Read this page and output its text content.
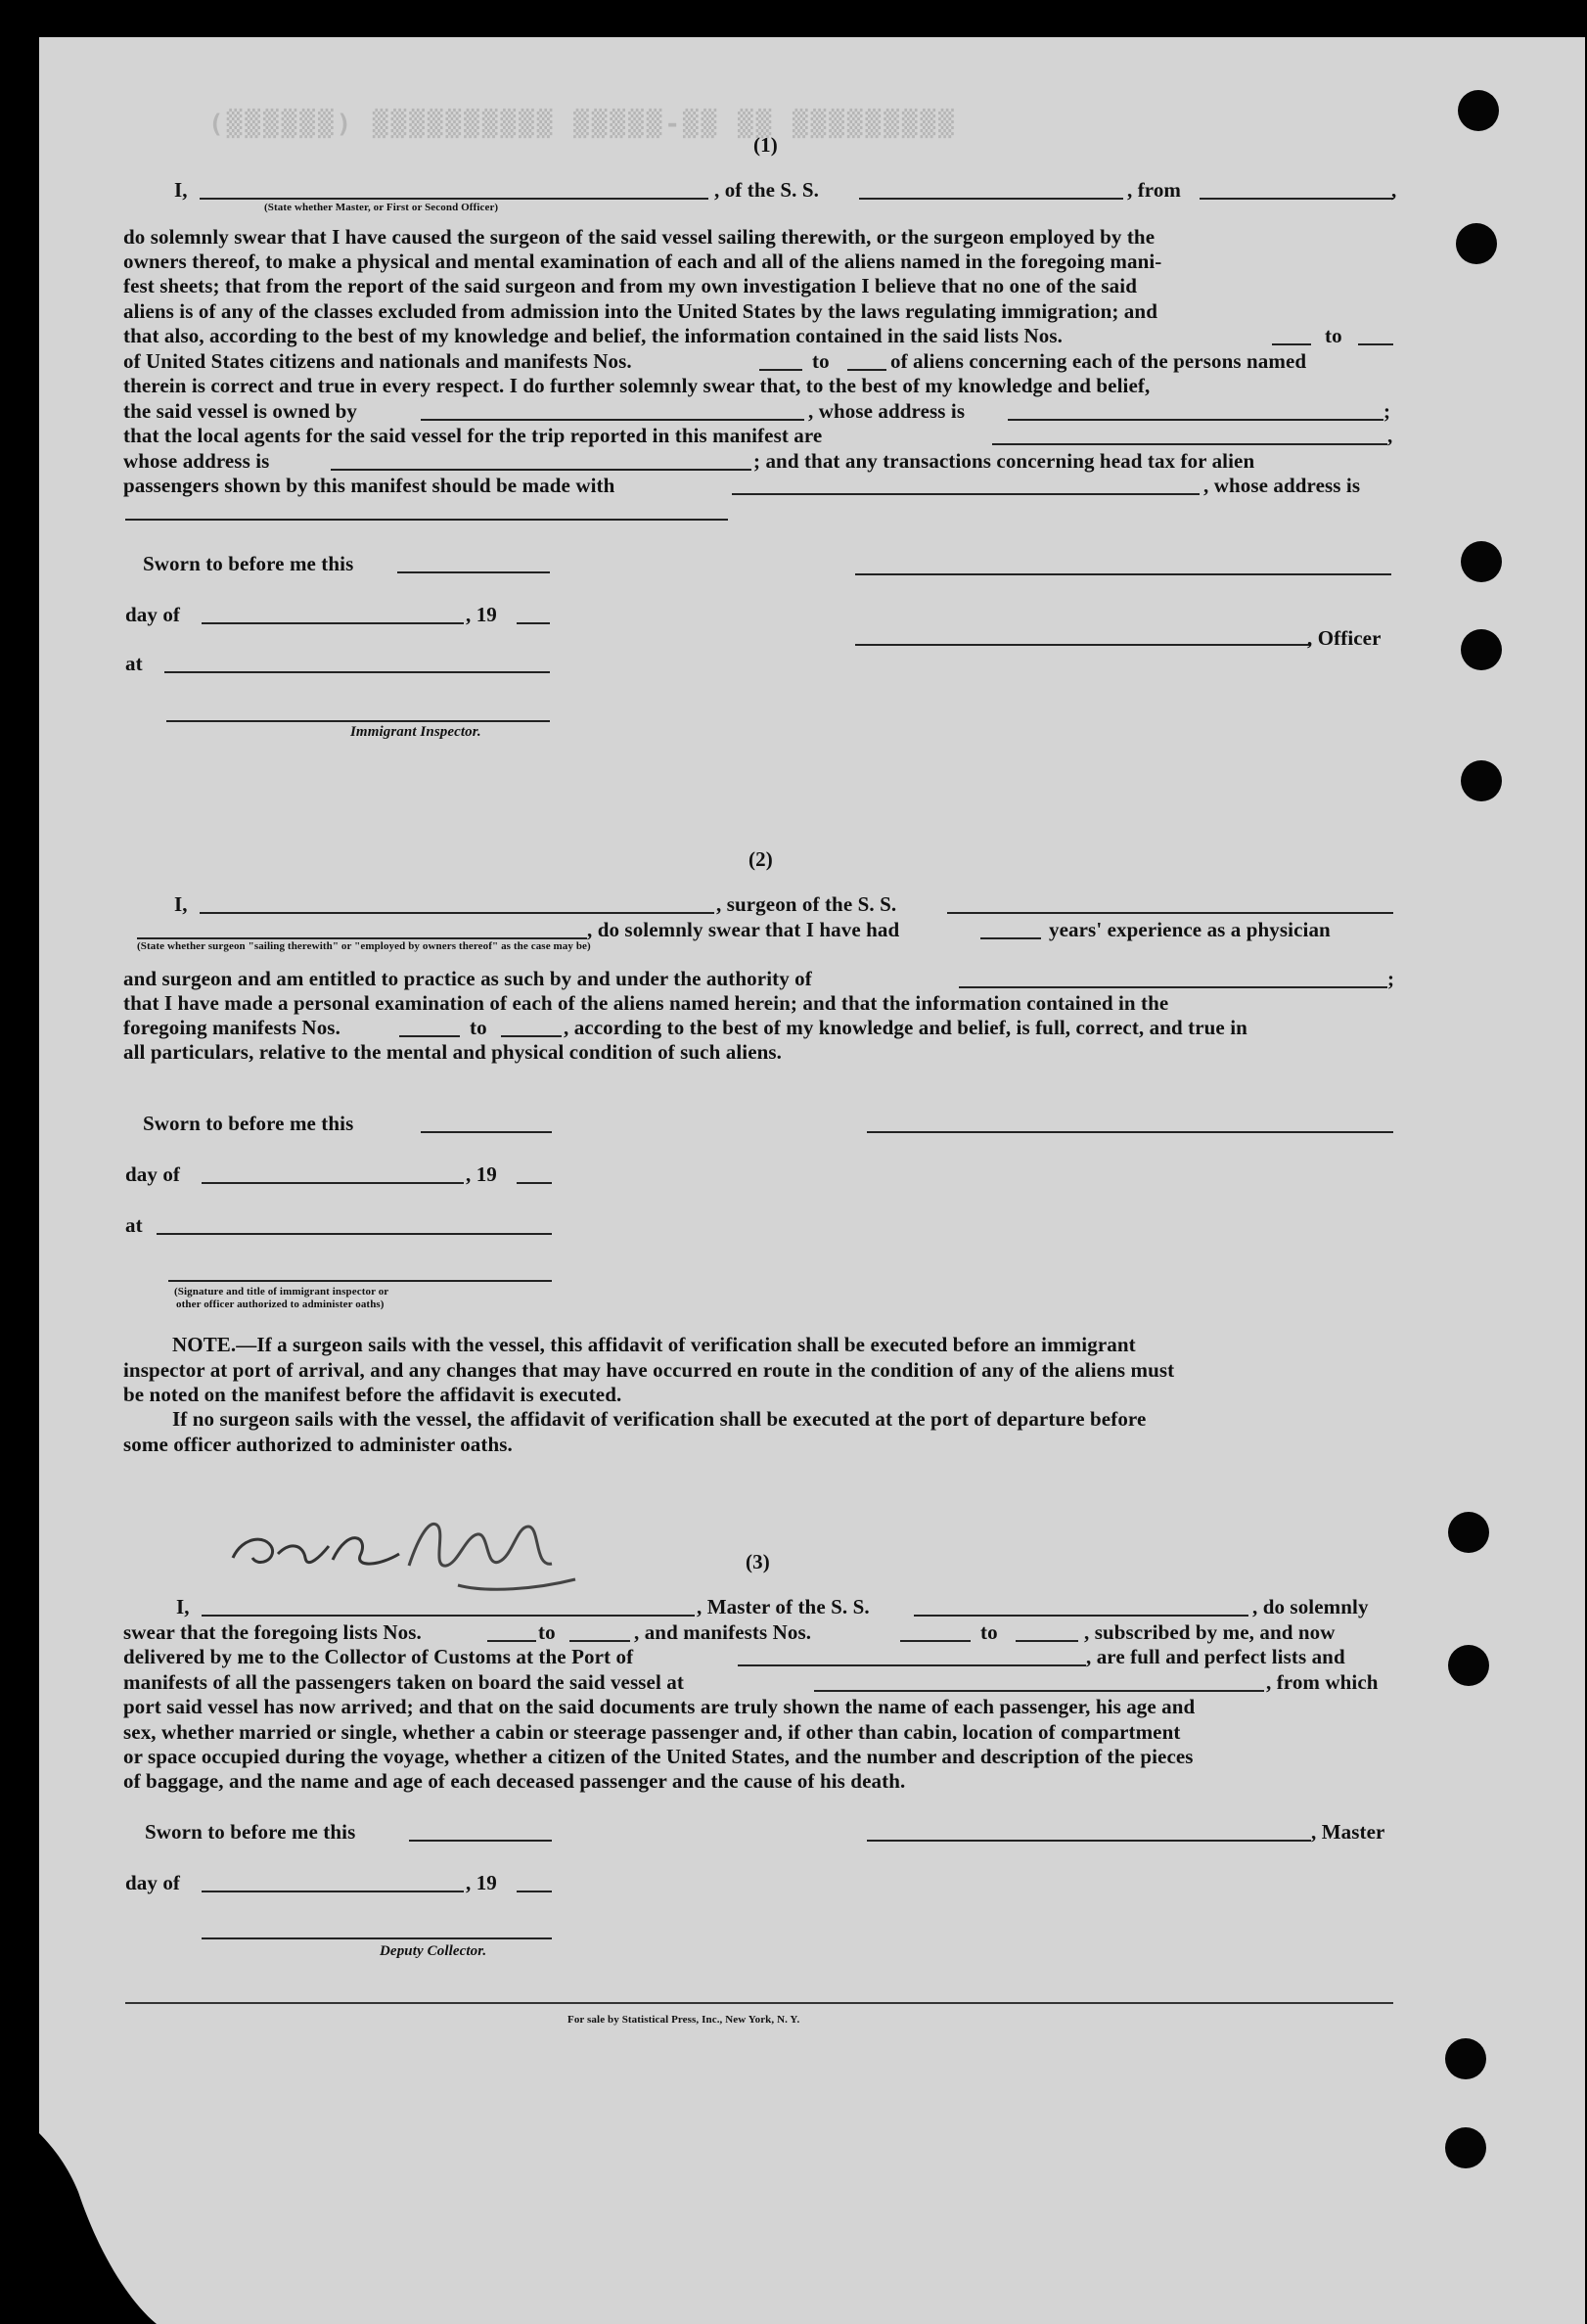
▒▒▒▒▒▒▒▒▒ ▒▒ ▒▒-▒▒▒▒▒ ▒▒▒▒▒▒▒▒▒▒ (▒▒▒▒▒▒)
(1)
I,	, of the S. S.	, from	,
(State whether Master, or First or Second Officer)
do solemnly swear that I have caused the surgeon of the said vessel sailing therewith, or the surgeon employed by the
owners thereof, to make a physical and mental examination of each and all of the aliens named in the foregoing mani-
fest sheets; that from the report of the said surgeon and from my own investigation I believe that no one of the said
aliens is of any of the classes excluded from admission into the United States by the laws regulating immigration; and
that also, according to the best of my knowledge and belief, the information contained in the said lists Nos.	to
of United States citizens and nationals and manifests Nos.	to	of aliens concerning each of the persons named
therein is correct and true in every respect. I do further solemnly swear that, to the best of my knowledge and belief,
the said vessel is owned by	, whose address is	;
that the local agents for the said vessel for the trip reported in this manifest are	,
whose address is	; and that any transactions concerning head tax for alien
passengers shown by this manifest should be made with	, whose address is
Sworn to before me this
day of	, 19
, Officer
at
Immigrant Inspector.
(2)
I,	, surgeon of the S. S.
, do solemnly swear that I have had	years' experience as a physician
(State whether surgeon "sailing therewith" or "employed by owners thereof" as the case may be)
and surgeon and am entitled to practice as such by and under the authority of	;
that I have made a personal examination of each of the aliens named herein; and that the information contained in the
foregoing manifests Nos.	to	, according to the best of my knowledge and belief, is full, correct, and true in
all particulars, relative to the mental and physical condition of such aliens.
Sworn to before me this
day of	, 19
at
(Signature and title of immigrant inspector or
other officer authorized to administer oaths)
NOTE.—If a surgeon sails with the vessel, this affidavit of verification shall be executed before an immigrant
inspector at port of arrival, and any changes that may have occurred en route in the condition of any of the aliens must
be noted on the manifest before the affidavit is executed.
If no surgeon sails with the vessel, the affidavit of verification shall be executed at the port of departure before
some officer authorized to administer oaths.
(3)
I,	, Master of the S. S.	, do solemnly
swear that the foregoing lists Nos.	to	, and manifests Nos.	to	, subscribed by me, and now
delivered by me to the Collector of Customs at the Port of	, are full and perfect lists and
manifests of all the passengers taken on board the said vessel at	, from which
port said vessel has now arrived; and that on the said documents are truly shown the name of each passenger, his age and
sex, whether married or single, whether a cabin or steerage passenger and, if other than cabin, location of compartment
or space occupied during the voyage, whether a citizen of the United States, and the number and description of the pieces
of baggage, and the name and age of each deceased passenger and the cause of his death.
Sworn to before me this	, Master
day of	, 19
Deputy Collector.
For sale by Statistical Press, Inc., New York, N. Y.
